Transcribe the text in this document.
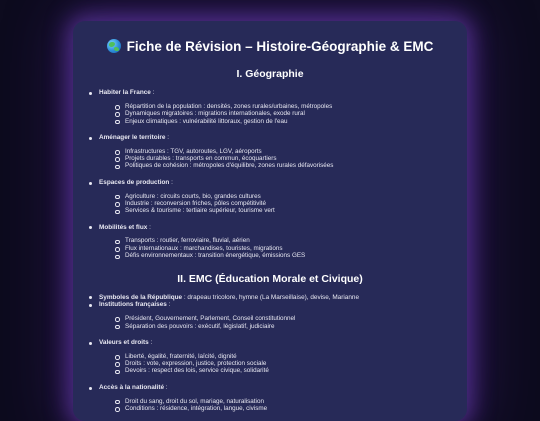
Fiche de Révision – Histoire-Géographie & EMC
I. Géographie
Habiter la France :
Répartition de la population : densités, zones rurales/urbaines, métropoles
Dynamiques migratoires : migrations internationales, exode rural
Enjeux climatiques : vulnérabilité littoraux, gestion de l'eau
Aménager le territoire :
Infrastructures : TGV, autoroutes, LGV, aéroports
Projets durables : transports en commun, écoquartiers
Politiques de cohésion : métropoles d'équilibre, zones rurales défavorisées
Espaces de production :
Agriculture : circuits courts, bio, grandes cultures
Industrie : reconversion friches, pôles compétitivité
Services & tourisme : tertiaire supérieur, tourisme vert
Mobilités et flux :
Transports : routier, ferroviaire, fluvial, aérien
Flux internationaux : marchandises, touristes, migrations
Défis environnementaux : transition énergétique, émissions GES
II. EMC (Éducation Morale et Civique)
Symboles de la République : drapeau tricolore, hymne (La Marseillaise), devise, Marianne
Institutions françaises :
Président, Gouvernement, Parlement, Conseil constitutionnel
Séparation des pouvoirs : exécutif, législatif, judiciaire
Valeurs et droits :
Liberté, égalité, fraternité, laïcité, dignité
Droits : vote, expression, justice, protection sociale
Devoirs : respect des lois, service civique, solidarité
Accès à la nationalité :
Droit du sang, droit du sol, mariage, naturalisation
Conditions : résidence, intégration, langue, civisme
